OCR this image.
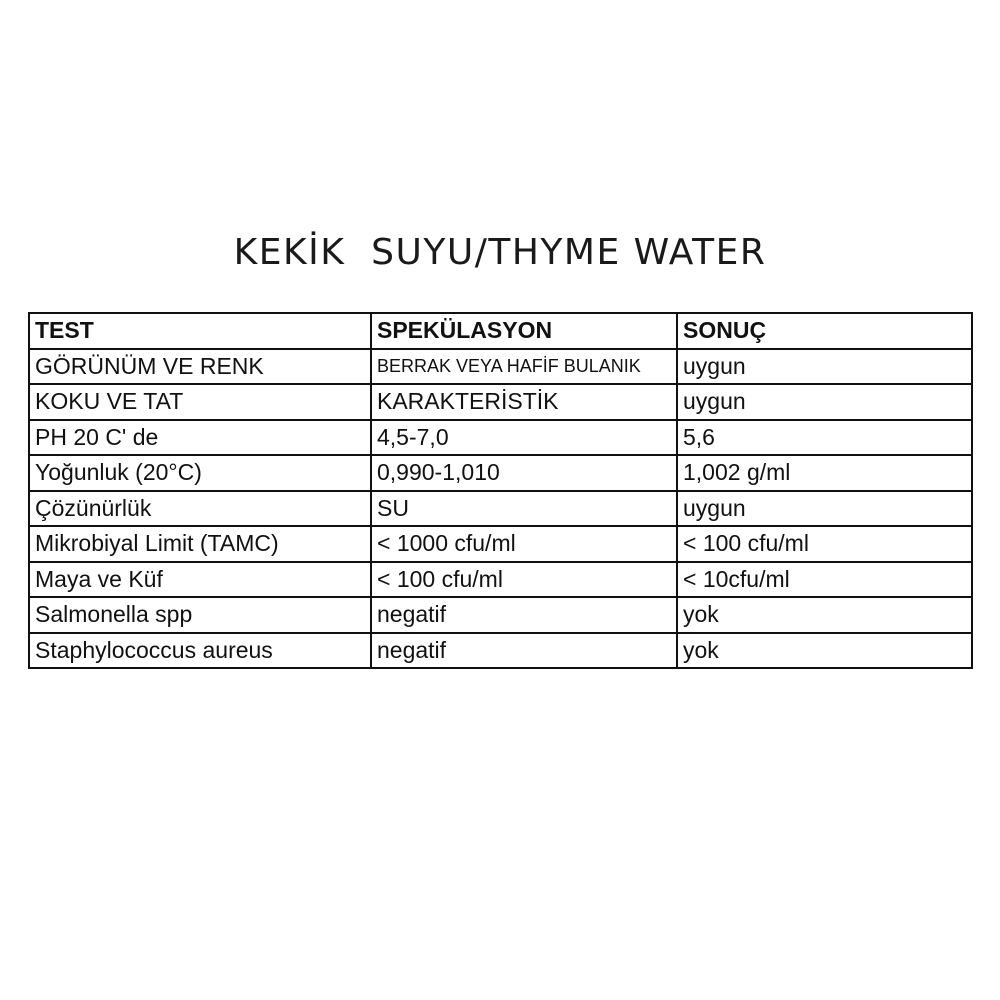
KEKİK  SUYU/THYME WATER
TEST	SPEKÜLASYON	SONUÇ
GÖRÜNÜM VE RENK	BERRAK VEYA HAFİF BULANIK	uygun
KOKU VE TAT	KARAKTERİSTİK	uygun
PH 20 C' de	4,5-7,0	5,6
Yoğunluk (20°C)	0,990-1,010	1,002 g/ml
Çözünürlük	SU	uygun
Mikrobiyal Limit (TAMC)	< 1000 cfu/ml	< 100 cfu/ml
Maya ve Küf	< 100 cfu/ml	< 10cfu/ml
Salmonella spp	negatif	yok
Staphylococcus aureus	negatif	yok
